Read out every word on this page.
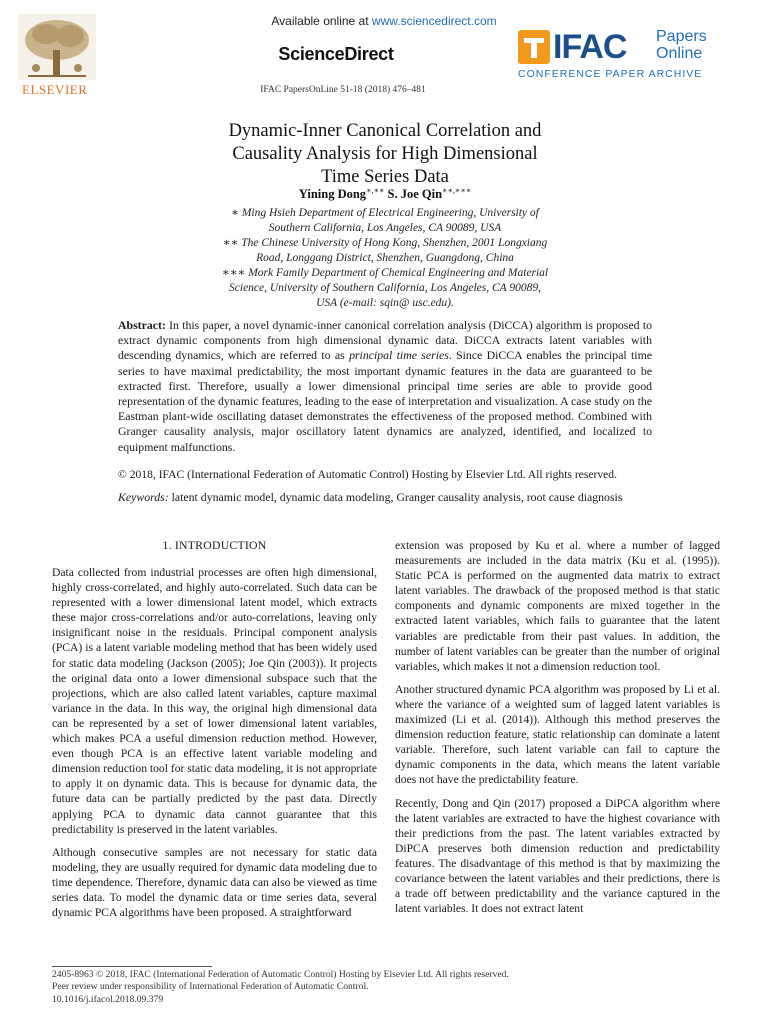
ELSEVIER
Available online at www.sciencedirect.com
ScienceDirect
IFAC PapersOnLine 51-18 (2018) 476–481
IFAC Papers
Online
CONFERENCE PAPER ARCHIVE
Dynamic-Inner Canonical Correlation and
Causality Analysis for High Dimensional
Time Series Data
Yining Dong∗,∗∗ S. Joe Qin∗∗,∗∗∗
∗ Ming Hsieh Department of Electrical Engineering, University of
Southern California, Los Angeles, CA 90089, USA
∗∗ The Chinese University of Hong Kong, Shenzhen, 2001 Longxiang
Road, Longgang District, Shenzhen, Guangdong, China
∗∗∗ Mork Family Department of Chemical Engineering and Material
Science, University of Southern California, Los Angeles, CA 90089,
USA (e-mail: sqin@ usc.edu).
Abstract: In this paper, a novel dynamic-inner canonical correlation analysis (DiCCA) algorithm is proposed to extract dynamic components from high dimensional dynamic data. DiCCA extracts latent variables with descending dynamics, which are referred to as principal time series. Since DiCCA enables the principal time series to have maximal predictability, the most important dynamic features in the data are guaranteed to be extracted first. Therefore, usually a lower dimensional principal time series are able to provide good representation of the dynamic features, leading to the ease of interpretation and visualization. A case study on the Eastman plant-wide oscillating dataset demonstrates the effectiveness of the proposed method. Combined with Granger causality analysis, major oscillatory latent dynamics are analyzed, identified, and localized to equipment malfunctions.
© 2018, IFAC (International Federation of Automatic Control) Hosting by Elsevier Ltd. All rights reserved.
Keywords: latent dynamic model, dynamic data modeling, Granger causality analysis, root cause diagnosis
1. INTRODUCTION

Data collected from industrial processes are often high dimensional, highly cross-correlated, and highly auto-correlated. Such data can be represented with a lower dimensional latent model, which extracts these major cross-correlations and/or auto-correlations, leaving only insignificant noise in the residuals. Principal component analysis (PCA) is a latent variable modeling method that has been widely used for static data modeling (Jackson (2005); Joe Qin (2003)). It projects the original data onto a lower dimensional subspace such that the projections, which are also called latent variables, capture maximal variance in the data. In this way, the original high dimensional data can be represented by a set of lower dimensional latent variables, which makes PCA a useful dimension reduction method. However, even though PCA is an effective latent variable modeling and dimension reduction tool for static data modeling, it is not appropriate to apply it on dynamic data. This is because for dynamic data, the future data can be partially predicted by the past data. Directly applying PCA to dynamic data cannot guarantee that this predictability is preserved in the latent variables.

Although consecutive samples are not necessary for static data modeling, they are usually required for dynamic data modeling due to time dependence. Therefore, dynamic data can also be viewed as time series data. To model the dynamic data or time series data, several dynamic PCA algorithms have been proposed. A straightforward

extension was proposed by Ku et al. where a number of lagged measurements are included in the data matrix (Ku et al. (1995)). Static PCA is performed on the augmented data matrix to extract latent variables. The drawback of the proposed method is that static components and dynamic components are mixed together in the extracted latent variables, which fails to guarantee that the latent variables are predictable from their past values. In addition, the number of latent variables can be greater than the number of original variables, which makes it not a dimension reduction tool.

Another structured dynamic PCA algorithm was proposed by Li et al. where the variance of a weighted sum of lagged latent variables is maximized (Li et al. (2014)). Although this method preserves the dimension reduction feature, static relationship can dominate a latent variable. Therefore, such latent variable can fail to capture the dynamic components in the data, which means the latent variable does not have the predictability feature.

Recently, Dong and Qin (2017) proposed a DiPCA algorithm where the latent variables are extracted to have the highest covariance with their predictions from the past. The latent variables extracted by DiPCA preserves both dimension reduction and predictability features. The disadvantage of this method is that by maximizing the covariance between the latent variables and their predictions, there is a trade off between predictability and the variance captured in the latent variables. It does not extract latent

2405-8963 © 2018, IFAC (International Federation of Automatic Control) Hosting by Elsevier Ltd. All rights reserved.
Peer review under responsibility of International Federation of Automatic Control.
10.1016/j.ifacol.2018.09.379
